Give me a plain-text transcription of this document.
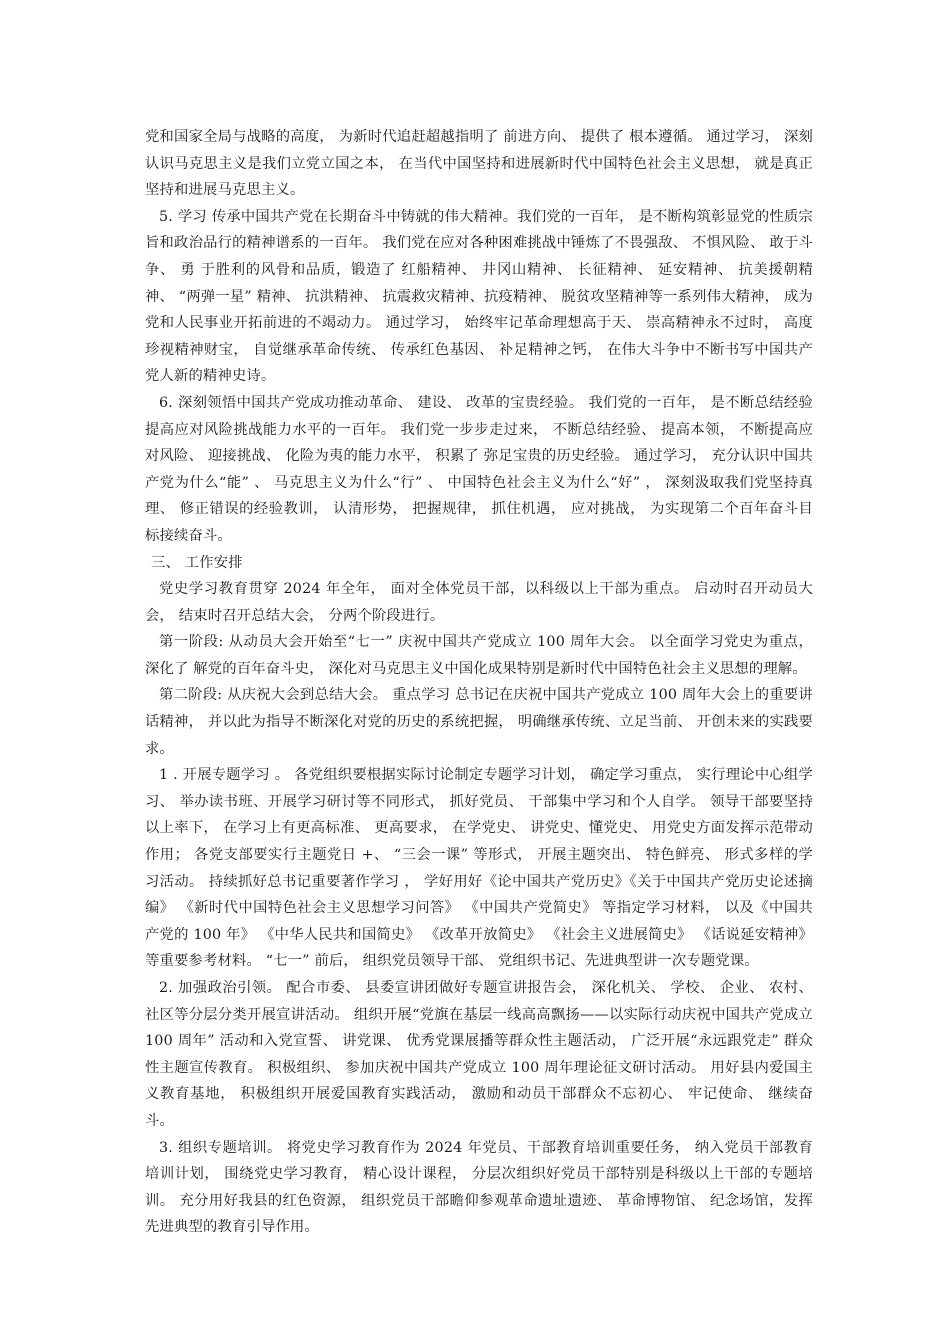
党和国家全局与战略的高度， 为新时代追赶超越指明了 前进方向、 提供了 根本遵循。 通过学习， 深刻认识马克思主义是我们立党立国之本， 在当代中国坚持和进展新时代中国特色社会主义思想， 就是真正坚持和进展马克思主义。

5. 学习 传承中国共产党在长期奋斗中铸就的伟大精神。我们党的一百年， 是不断构筑彰显党的性质宗旨和政治品行的精神谱系的一百年。 我们党在应对各种困难挑战中锤炼了不畏强敌、 不惧风险、 敢于斗争、 勇 于胜利的风骨和品质，锻造了 红船精神、 井冈山精神、 长征精神、 延安精神、 抗美援朝精神、 “两弹一星” 精神、 抗洪精神、 抗震救灾精神、抗疫精神、 脱贫攻坚精神等一系列伟大精神， 成为党和人民事业开拓前进的不竭动力。 通过学习， 始终牢记革命理想高于天、 崇高精神永不过时， 高度珍视精神财宝， 自觉继承革命传统、 传承红色基因、 补足精神之钙， 在伟大斗争中不断书写中国共产党人新的精神史诗。

6. 深刻领悟中国共产党成功推动革命、 建设、 改革的宝贵经验。 我们党的一百年， 是不断总结经验提高应对风险挑战能力水平的一百年。 我们党一步步走过来， 不断总结经验、 提高本领， 不断提高应对风险、 迎接挑战、 化险为夷的能力水平， 积累了 弥足宝贵的历史经验。 通过学习， 充分认识中国共产党为什么“能” 、 马克思主义为什么“行” 、 中国特色社会主义为什么“好” ， 深刻汲取我们党坚持真理、 修正错误的经验教训， 认清形势， 把握规律， 抓住机遇， 应对挑战， 为实现第二个百年奋斗目 标接续奋斗。

三、 工作安排

党史学习教育贯穿 2024 年全年， 面对全体党员干部，以科级以上干部为重点。 启动时召开动员大会， 结束时召开总结大会， 分两个阶段进行。

第一阶段: 从动员大会开始至“七一” 庆祝中国共产党成立 100 周年大会。 以全面学习党史为重点， 深化了 解党的百年奋斗史， 深化对马克思主义中国化成果特别是新时代中国特色社会主义思想的理解。

第二阶段: 从庆祝大会到总结大会。 重点学习 总书记在庆祝中国共产党成立 100 周年大会上的重要讲话精神， 并以此为指导不断深化对党的历史的系统把握， 明确继承传统、立足当前、 开创未来的实践要求。

1 . 开展专题学习 。 各党组织要根据实际讨论制定专题学习计划， 确定学习重点， 实行理论中心组学习、 举办读书班、开展学习研讨等不同形式， 抓好党员、 干部集中学习和个人自学。 领导干部要坚持以上率下， 在学习上有更高标准、 更高要求， 在学党史、 讲党史、懂党史、 用党史方面发挥示范带动作用； 各党支部要实行主题党日 +、 “三会一课” 等形式， 开展主题突出、 特色鲜亮、 形式多样的学习活动。 持续抓好总书记重要著作学习 ， 学好用好《论中国共产党历史》《关于中国共产党历史论述摘编》 《新时代中国特色社会主义思想学习问答》 《中国共产党简史》 等指定学习材料， 以及《中国共产党的 100 年》 《中华人民共和国简史》 《改革开放简史》 《社会主义进展简史》 《话说延安精神》 等重要参考材料。 “七一” 前后， 组织党员领导干部、 党组织书记、先进典型讲一次专题党课。

2. 加强政治引领。 配合市委、 县委宣讲团做好专题宣讲报告会， 深化机关、 学校、 企业、 农村、 社区等分层分类开展宣讲活动。 组织开展“党旗在基层一线高高飘扬——以实际行动庆祝中国共产党成立 100 周年” 活动和入党宣誓、 讲党课、 优秀党课展播等群众性主题活动， 广泛开展“永远跟党走” 群众性主题宣传教育。 积极组织、 参加庆祝中国共产党成立 100 周年理论征文研讨活动。 用好县内爱国主义教育基地， 积极组织开展爱国教育实践活动， 激励和动员干部群众不忘初心、 牢记使命、 继续奋斗。

3. 组织专题培训。 将党史学习教育作为 2024 年党员、干部教育培训重要任务， 纳入党员干部教育培训计划， 围绕党史学习教育， 精心设计课程， 分层次组织好党员干部特别是科级以上干部的专题培训。 充分用好我县的红色资源， 组织党员干部瞻仰参观革命遗址遗迹、 革命博物馆、 纪念场馆，发挥先进典型的教育引导作用。
